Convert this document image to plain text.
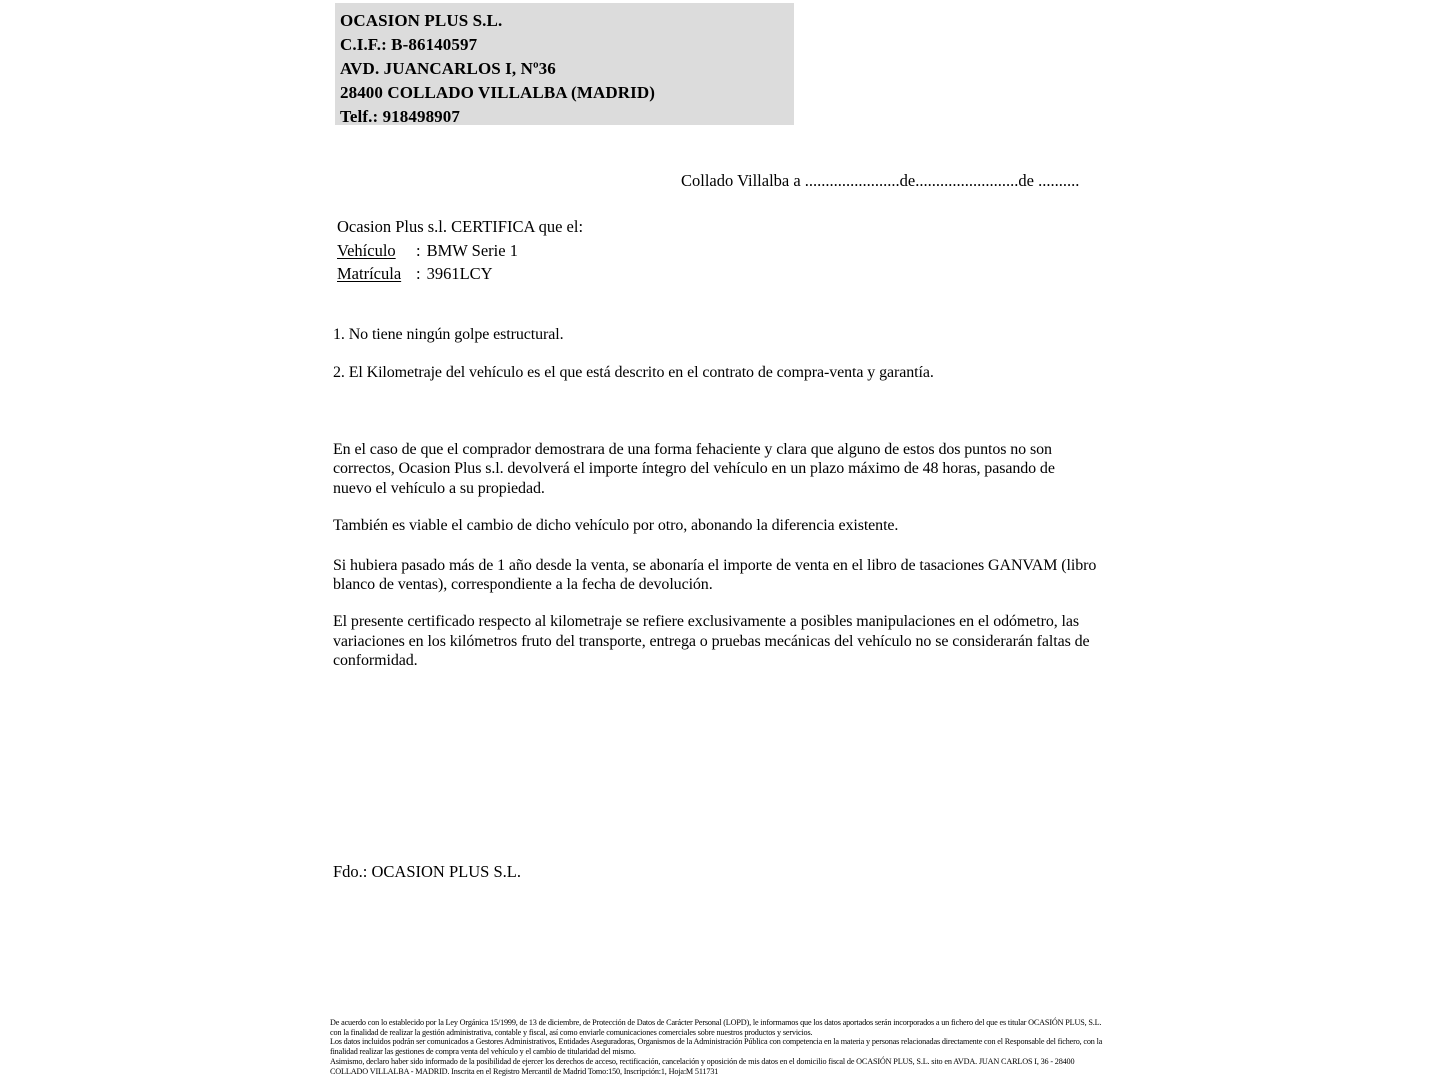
OCASION PLUS S.L.
C.I.F.: B-86140597
AVD. JUANCARLOS I, Nº36
28400 COLLADO VILLALBA (MADRID)
Telf.: 918498907
Collado Villalba a .......................de.........................de ..........
Ocasion Plus s.l. CERTIFICA que el:
Vehículo : BMW Serie 1
Matrícula : 3961LCY

1. No tiene ningún golpe estructural.

2. El Kilometraje del vehículo es el que está descrito en el contrato de compra-venta y garantía.

En el caso de que el comprador demostrara de una forma fehaciente y clara que alguno de estos dos puntos no son correctos, Ocasion Plus s.l. devolverá el importe íntegro del vehículo en un plazo máximo de 48 horas, pasando de nuevo el vehículo a su propiedad.

También es viable el cambio de dicho vehículo por otro, abonando la diferencia existente.

Si hubiera pasado más de 1 año desde la venta, se abonaría el importe de venta en el libro de tasaciones GANVAM (libro blanco de ventas), correspondiente a la fecha de devolución.

El presente certificado respecto al kilometraje se refiere exclusivamente a posibles manipulaciones en el odómetro, las variaciones en los kilómetros fruto del transporte, entrega o pruebas mecánicas del vehículo no se considerarán faltas de conformidad.

Fdo.: OCASION PLUS S.L.

De acuerdo con lo establecido por la Ley Orgánica 15/1999, de 13 de diciembre, de Protección de Datos de Carácter Personal (LOPD), le informamos que los datos aportados serán incorporados a un fichero del que es titular OCASIÓN PLUS, S.L. con la finalidad de realizar la gestión administrativa, contable y fiscal, así como enviarle comunicaciones comerciales sobre nuestros productos y servicios.

Los datos incluidos podrán ser comunicados a Gestores Administrativos, Entidades Aseguradoras, Organismos de la Administración Pública con competencia en la materia y personas relacionadas directamente con el Responsable del fichero, con la finalidad realizar las gestiones de compra venta del vehículo y el cambio de titularidad del mismo.

Asimismo, declaro haber sido informado de la posibilidad de ejercer los derechos de acceso, rectificación, cancelación y oposición de mis datos en el domicilio fiscal de OCASIÓN PLUS, S.L. sito en AVDA. JUAN CARLOS I, 36 - 28400 COLLADO VILLALBA - MADRID. Inscrita en el Registro Mercantil de Madrid Tomo:150, Inscripción:1, Hoja:M 511731
